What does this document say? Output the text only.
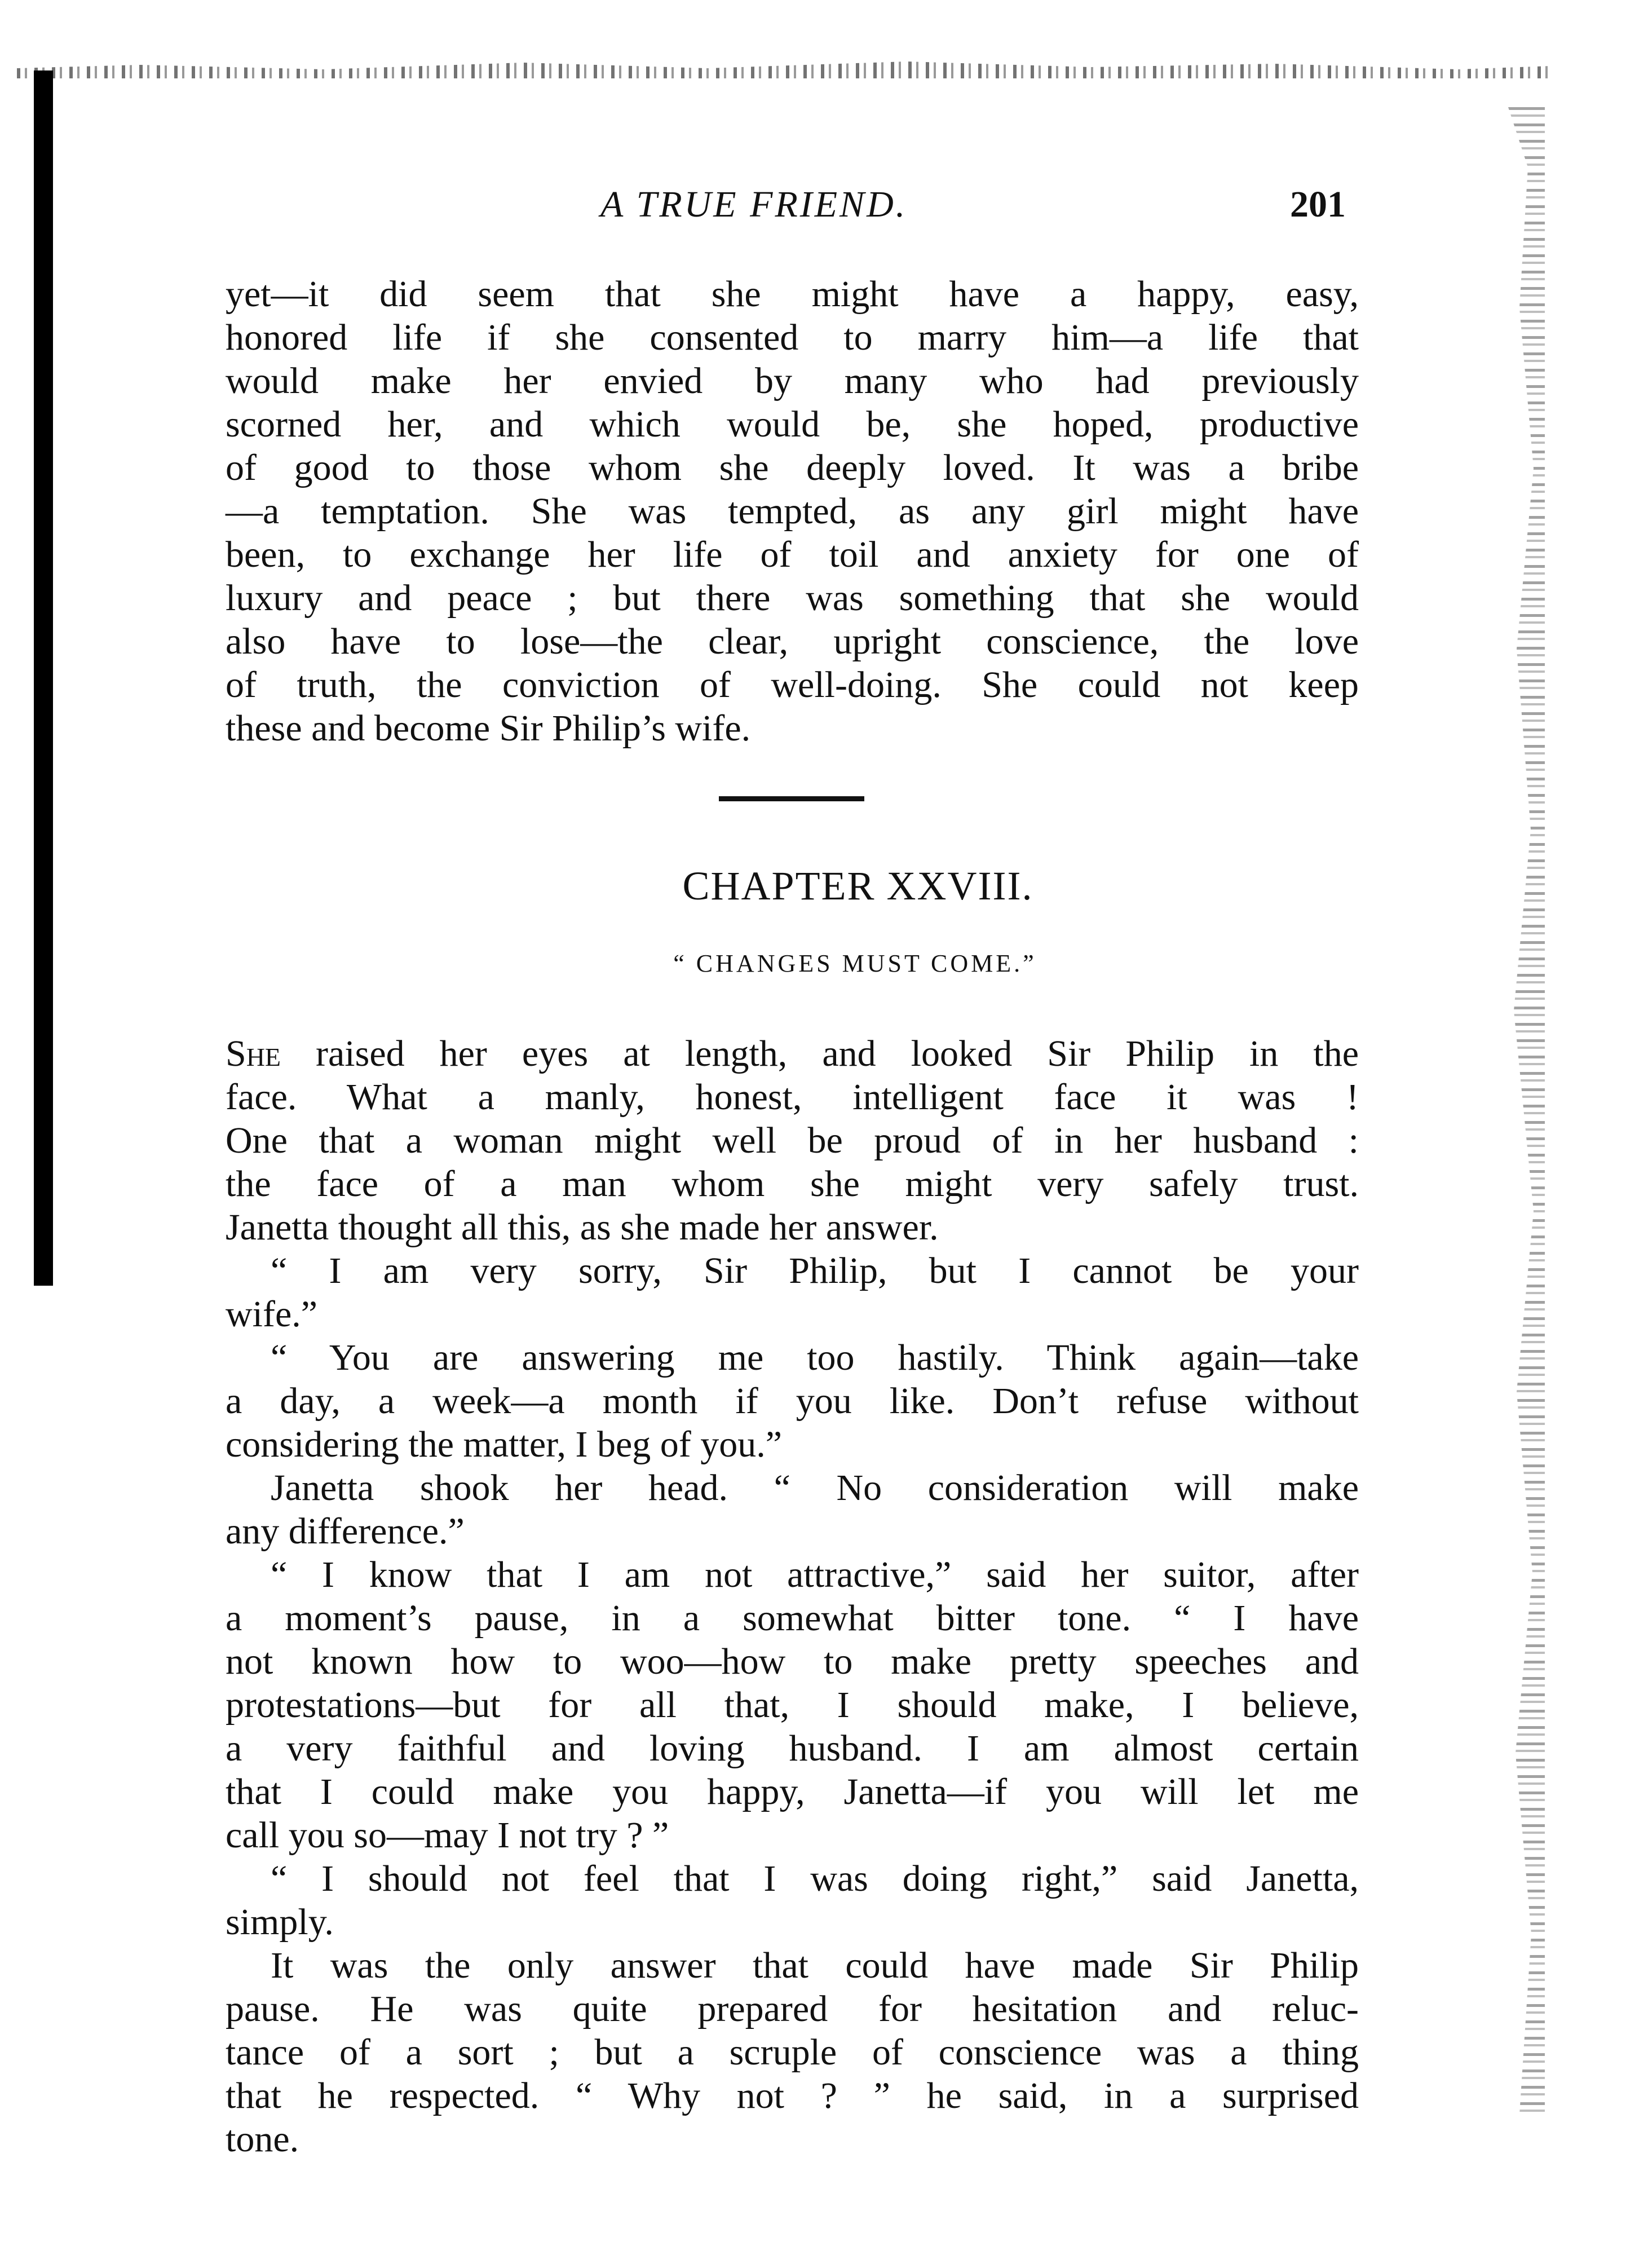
A TRUE FRIEND.	201
yet—it did seem that she might have a happy, easy,
honored life if she consented to marry him—a life that
would make her envied by many who had previously
scorned her, and which would be, she hoped, productive
of good to those whom she deeply loved. It was a bribe
—a temptation. She was tempted, as any girl might have
been, to exchange her life of toil and anxiety for one of
luxury and peace ; but there was something that she would
also have to lose—the clear, upright conscience, the love
of truth, the conviction of well-doing. She could not keep
these and become Sir Philip’s wife.
CHAPTER XXVIII.
“ CHANGES MUST COME.”
She raised her eyes at length, and looked Sir Philip in the
face. What a manly, honest, intelligent face it was !
One that a woman might well be proud of in her husband :
the face of a man whom she might very safely trust.
Janetta thought all this, as she made her answer.
“ I am very sorry, Sir Philip, but I cannot be your
wife.”
“ You are answering me too hastily. Think again—take
a day, a week—a month if you like. Don’t refuse without
considering the matter, I beg of you.”
Janetta shook her head. “ No consideration will make
any difference.”
“ I know that I am not attractive,” said her suitor, after
a moment’s pause, in a somewhat bitter tone. “ I have
not known how to woo—how to make pretty speeches and
protestations—but for all that, I should make, I believe,
a very faithful and loving husband. I am almost certain
that I could make you happy, Janetta—if you will let me
call you so—may I not try ? ”
“ I should not feel that I was doing right,” said Janetta,
simply.
It was the only answer that could have made Sir Philip
pause. He was quite prepared for hesitation and reluc-
tance of a sort ; but a scruple of conscience was a thing
that he respected. “ Why not ? ” he said, in a surprised
tone.
